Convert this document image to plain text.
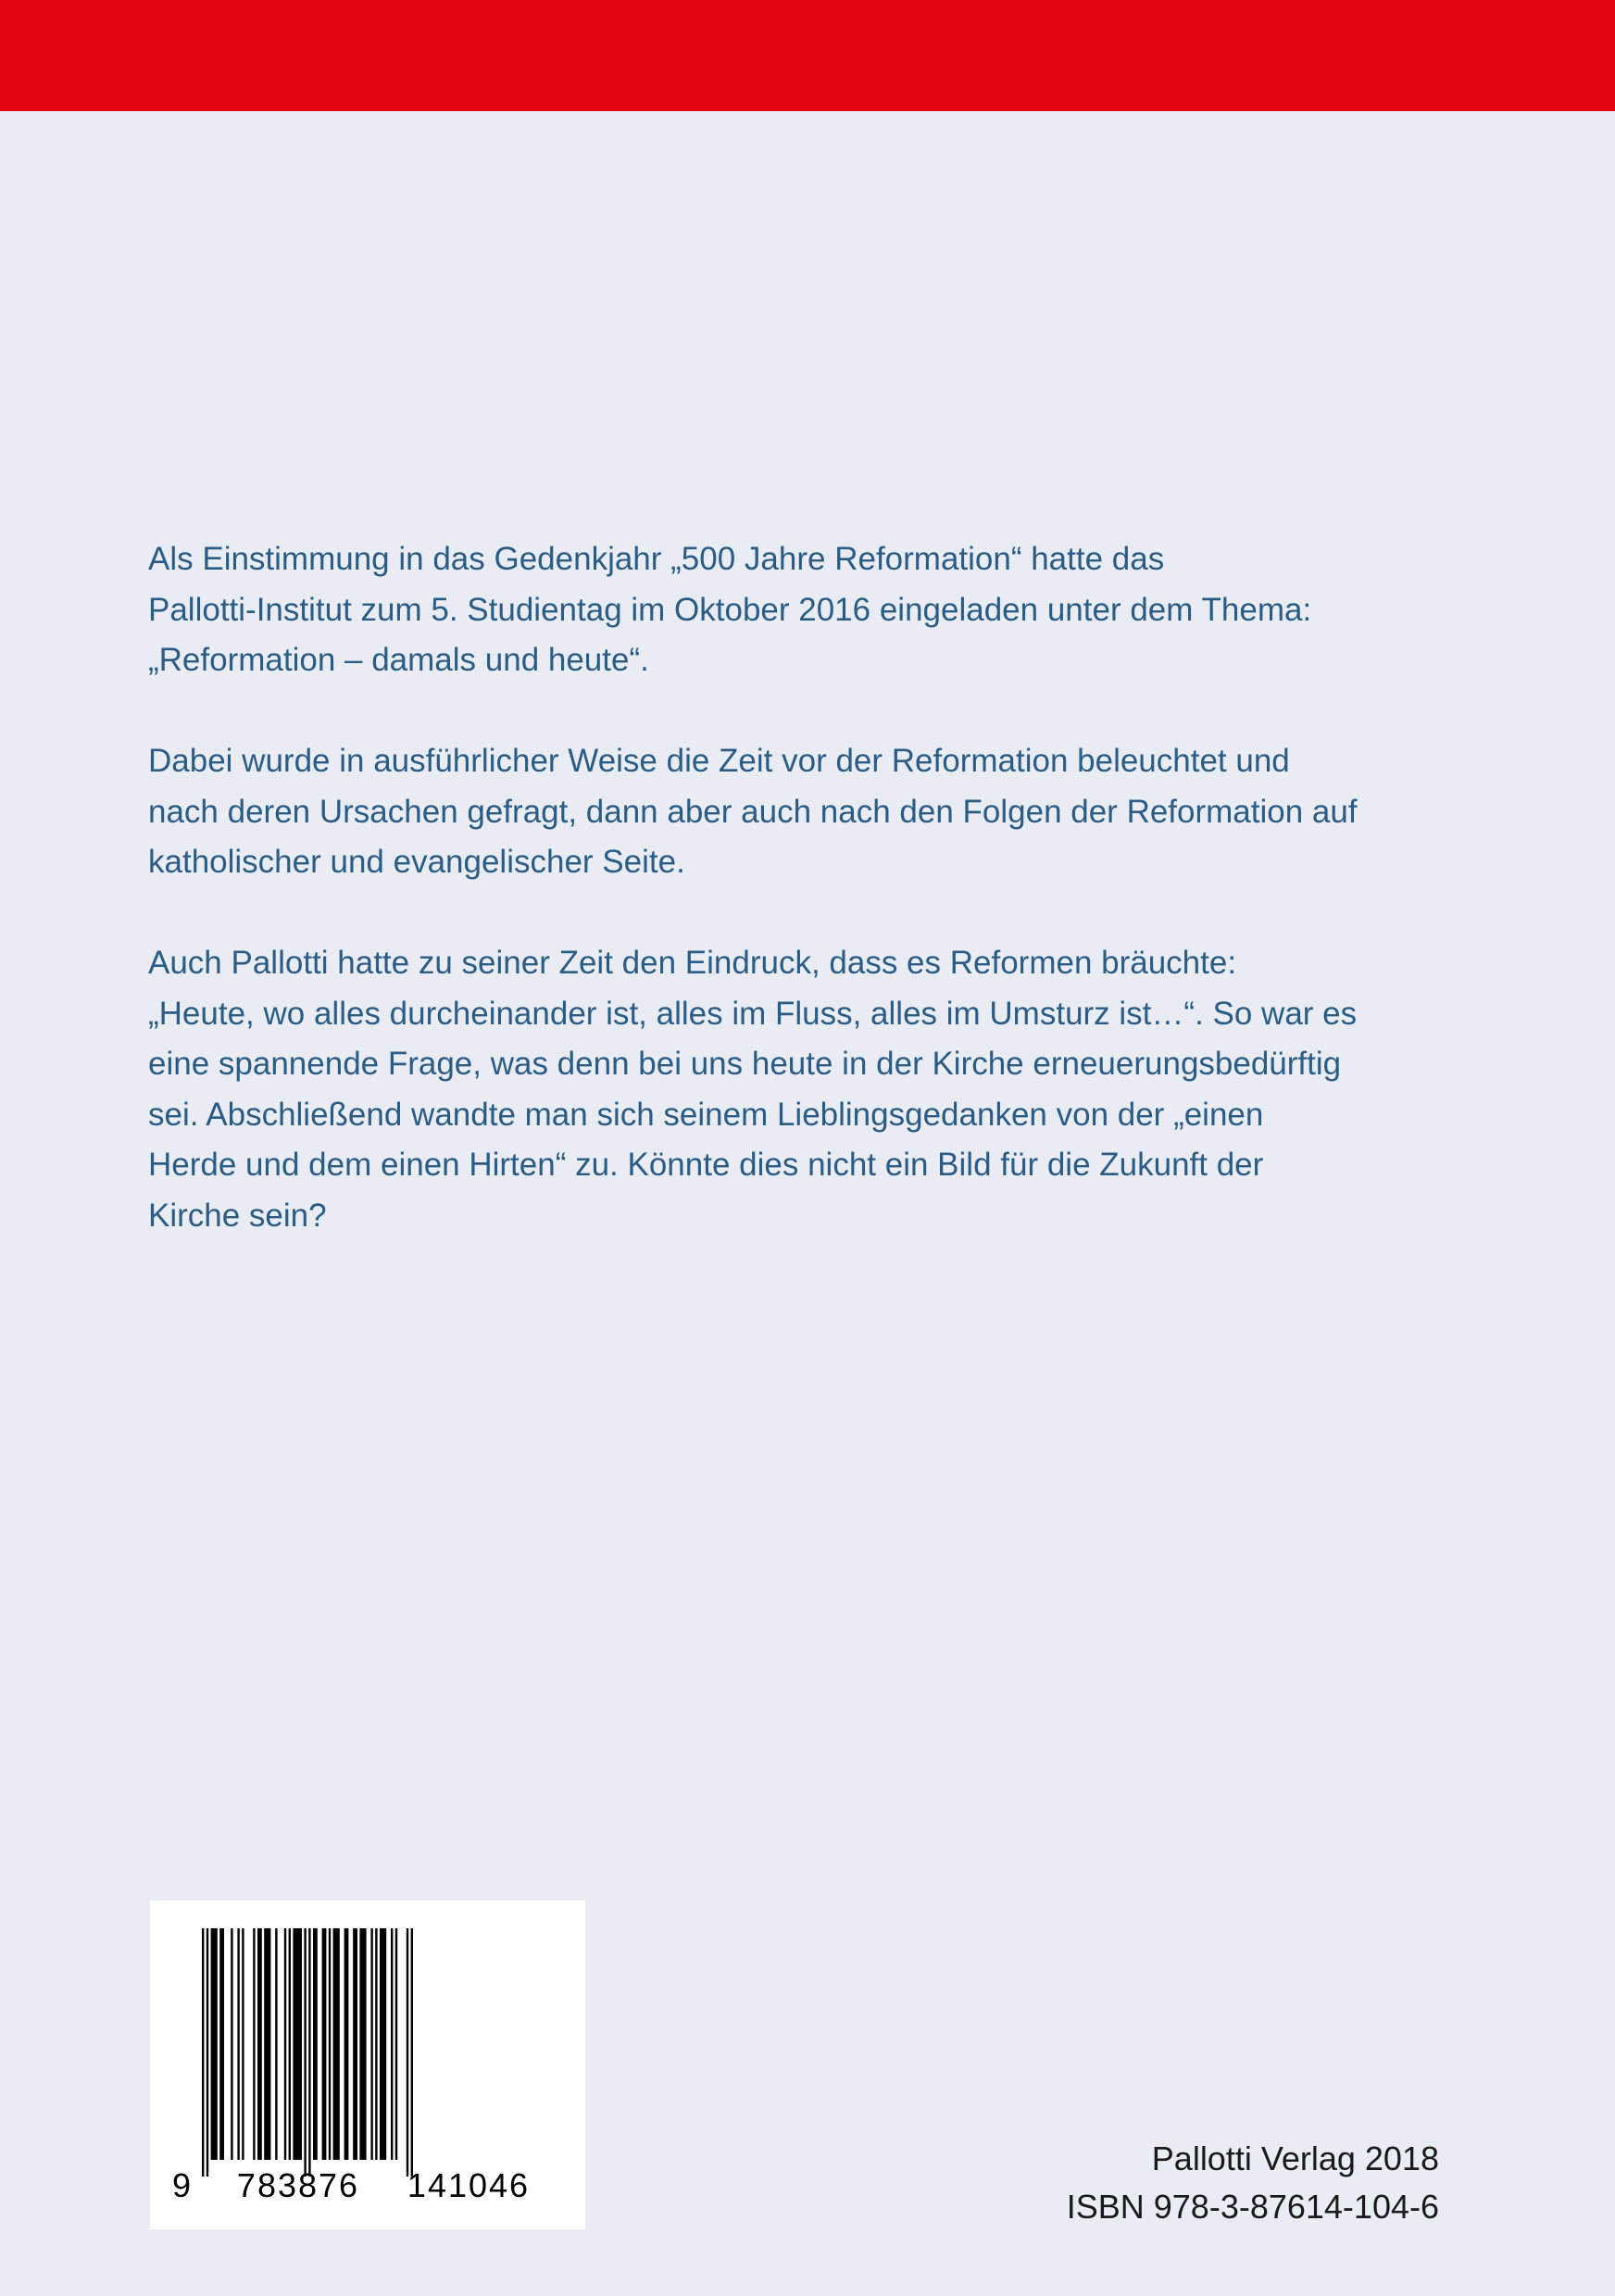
Als Einstimmung in das Gedenkjahr „500 Jahre Reformation“ hatte das
Pallotti-Institut zum 5. Studientag im Oktober 2016 eingeladen unter dem Thema:
„Reformation – damals und heute“.

Dabei wurde in ausführlicher Weise die Zeit vor der Reformation beleuchtet und
nach deren Ursachen gefragt, dann aber auch nach den Folgen der Reformation auf
katholischer und evangelischer Seite.

Auch Pallotti hatte zu seiner Zeit den Eindruck, dass es Reformen bräuchte:
„Heute, wo alles durcheinander ist, alles im Fluss, alles im Umsturz ist…“. So war es
eine spannende Frage, was denn bei uns heute in der Kirche erneuerungsbedürftig
sei. Abschließend wandte man sich seinem Lieblingsgedanken von der „einen
Herde und dem einen Hirten“ zu. Könnte dies nicht ein Bild für die Zukunft der
Kirche sein?

9 783876 141046
Pallotti Verlag 2018
ISBN 978-3-87614-104-6
